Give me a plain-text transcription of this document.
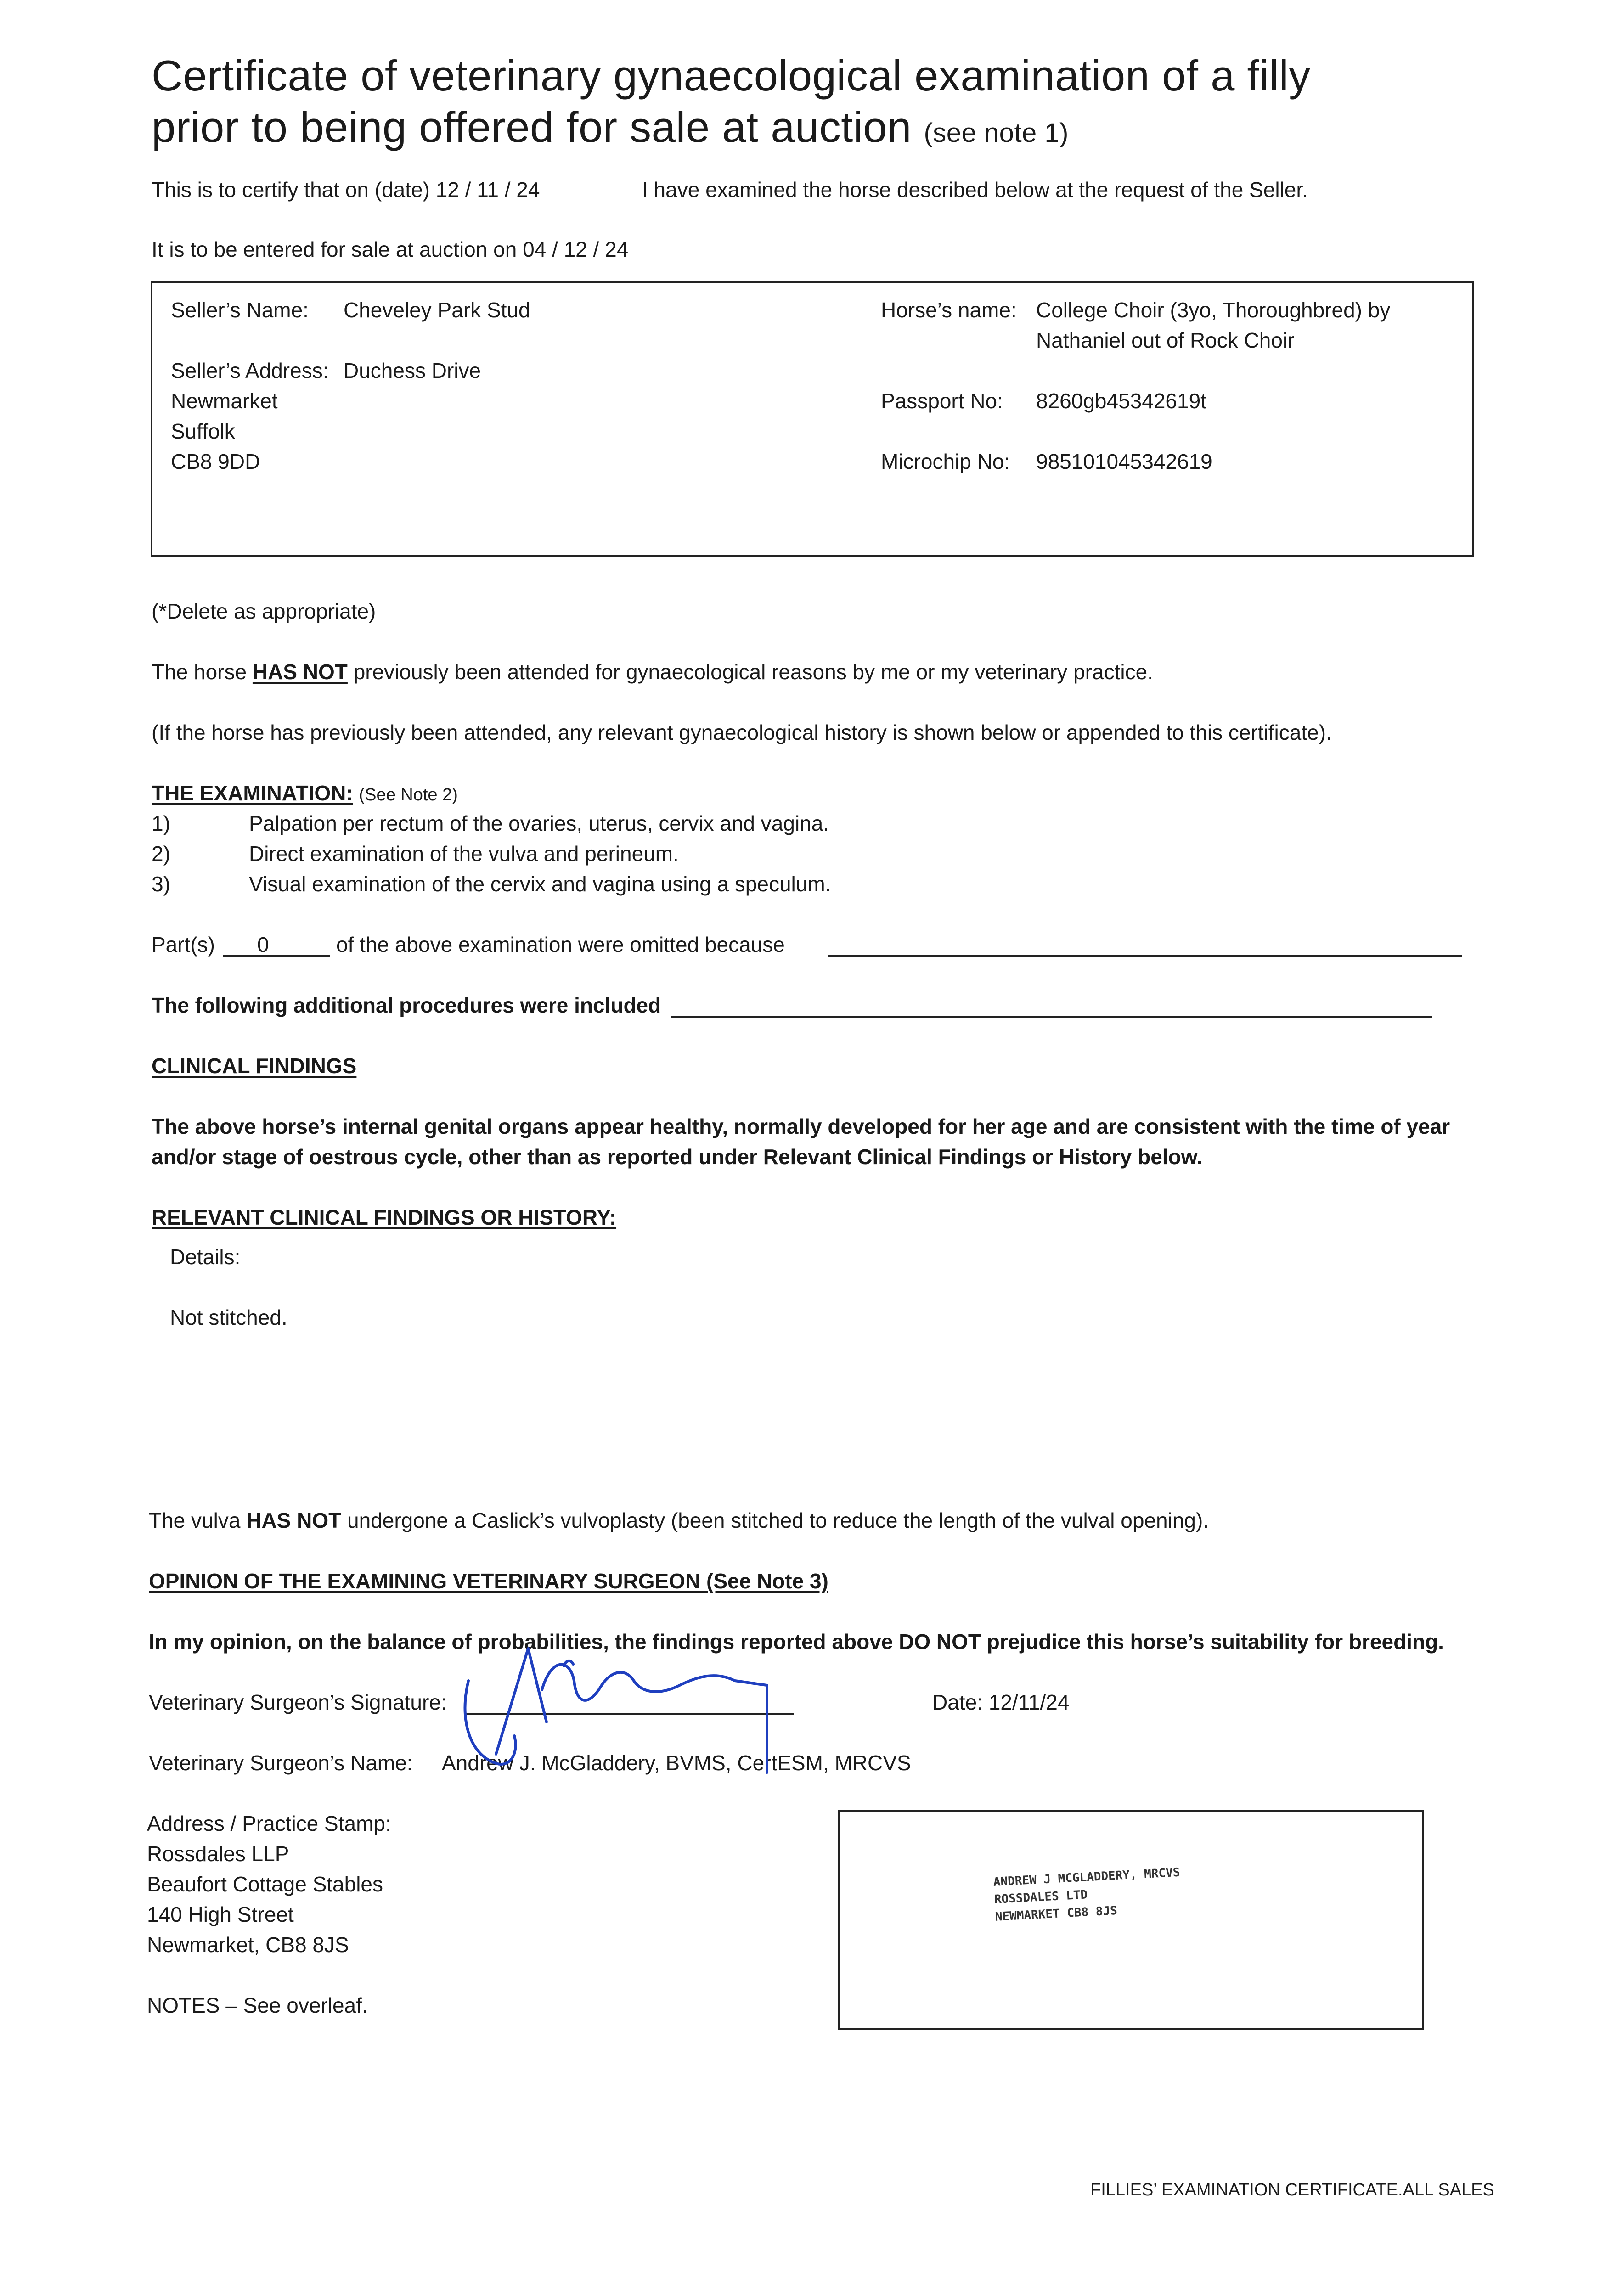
Certificate of veterinary gynaecological examination of a filly
prior to being offered for sale at auction (see note 1)
This is to certify that on (date) 12 / 11 / 24	I have examined the horse described below at the request of the Seller.
It is to be entered for sale at auction on 04 / 12 / 24
Seller’s Name: Cheveley Park Stud
Seller’s Address: Duchess Drive
Newmarket
Suffolk
CB8 9DD
Horse’s name: College Choir (3yo, Thoroughbred) by
Nathaniel out of Rock Choir
Passport No: 8260gb45342619t
Microchip No: 985101045342619
(*Delete as appropriate)
The horse HAS NOT previously been attended for gynaecological reasons by me or my veterinary practice.
(If the horse has previously been attended, any relevant gynaecological history is shown below or appended to this certificate).
THE EXAMINATION: (See Note 2)
1)	Palpation per rectum of the ovaries, uterus, cervix and vagina.
2)	Direct examination of the vulva and perineum.
3)	Visual examination of the cervix and vagina using a speculum.
Part(s) 0	of the above examination were omitted because
The following additional procedures were included
CLINICAL FINDINGS
The above horse’s internal genital organs appear healthy, normally developed for her age and are consistent with the time of year
and/or stage of oestrous cycle, other than as reported under Relevant Clinical Findings or History below.
RELEVANT CLINICAL FINDINGS OR HISTORY:
Details:
Not stitched.
The vulva HAS NOT undergone a Caslick’s vulvoplasty (been stitched to reduce the length of the vulval opening).
OPINION OF THE EXAMINING VETERINARY SURGEON (See Note 3)
In my opinion, on the balance of probabilities, the findings reported above DO NOT prejudice this horse’s suitability for breeding.
Veterinary Surgeon’s Signature:	Date: 12/11/24
Veterinary Surgeon’s Name: Andrew J. McGladdery, BVMS, CertESM, MRCVS
Address / Practice Stamp:
Rossdales LLP
Beaufort Cottage Stables
140 High Street
Newmarket, CB8 8JS
NOTES – See overleaf.
ANDREW J MCGLADDERY, MRCVS
ROSSDALES LTD
NEWMARKET CB8 8JS
FILLIES’ EXAMINATION CERTIFICATE.ALL SALES
